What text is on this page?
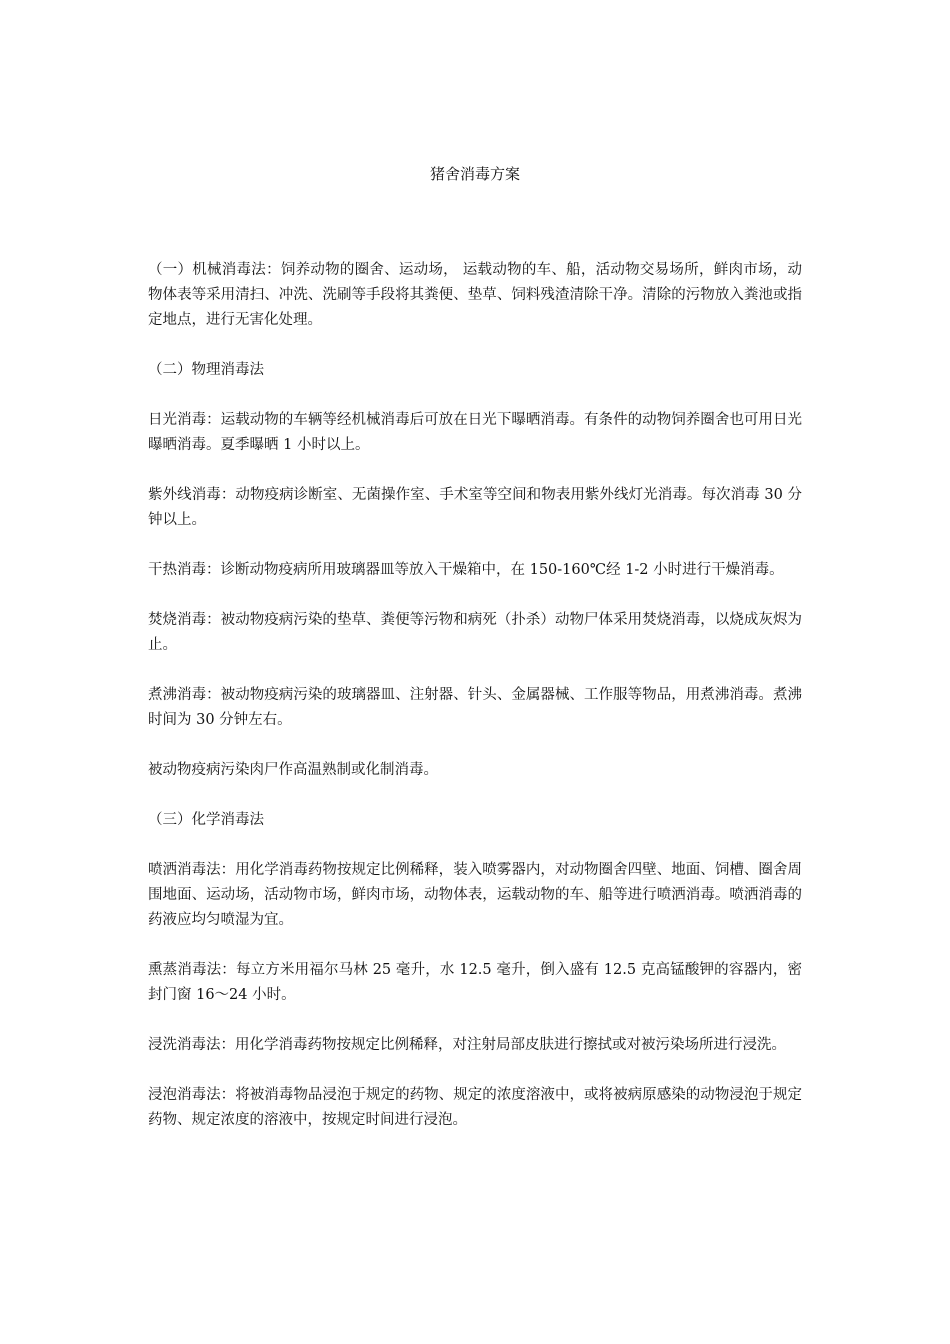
猪舍消毒方案

（一）机械消毒法：饲养动物的圈舍、运动场， 运载动物的车、船，活动物交易场所，鲜肉市场，动物体表等采用清扫、冲洗、洗刷等手段将其粪便、垫草、饲料残渣清除干净。清除的污物放入粪池或指定地点，进行无害化处理。

（二）物理消毒法

日光消毒：运载动物的车辆等经机械消毒后可放在日光下曝晒消毒。有条件的动物饲养圈舍也可用日光曝晒消毒。夏季曝晒 1 小时以上。

紫外线消毒：动物疫病诊断室、无菌操作室、手术室等空间和物表用紫外线灯光消毒。每次消毒 30 分钟以上。

干热消毒：诊断动物疫病所用玻璃器皿等放入干燥箱中，在 150-160℃经 1-2 小时进行干燥消毒。

焚烧消毒：被动物疫病污染的垫草、粪便等污物和病死（扑杀）动物尸体采用焚烧消毒，以烧成灰烬为止。

煮沸消毒：被动物疫病污染的玻璃器皿、注射器、针头、金属器械、工作服等物品，用煮沸消毒。煮沸时间为 30 分钟左右。

被动物疫病污染肉尸作高温熟制或化制消毒。

（三）化学消毒法

喷洒消毒法：用化学消毒药物按规定比例稀释，装入喷雾器内，对动物圈舍四壁、地面、饲槽、圈舍周围地面、运动场，活动物市场，鲜肉市场，动物体表，运载动物的车、船等进行喷洒消毒。喷洒消毒的药液应均匀喷湿为宜。

熏蒸消毒法：每立方米用福尔马林 25 毫升，水 12.5 毫升，倒入盛有 12.5 克高锰酸钾的容器内，密封门窗 16～24 小时。

浸洗消毒法：用化学消毒药物按规定比例稀释，对注射局部皮肤进行擦拭或对被污染场所进行浸洗。

浸泡消毒法：将被消毒物品浸泡于规定的药物、规定的浓度溶液中，或将被病原感染的动物浸泡于规定药物、规定浓度的溶液中，按规定时间进行浸泡。
